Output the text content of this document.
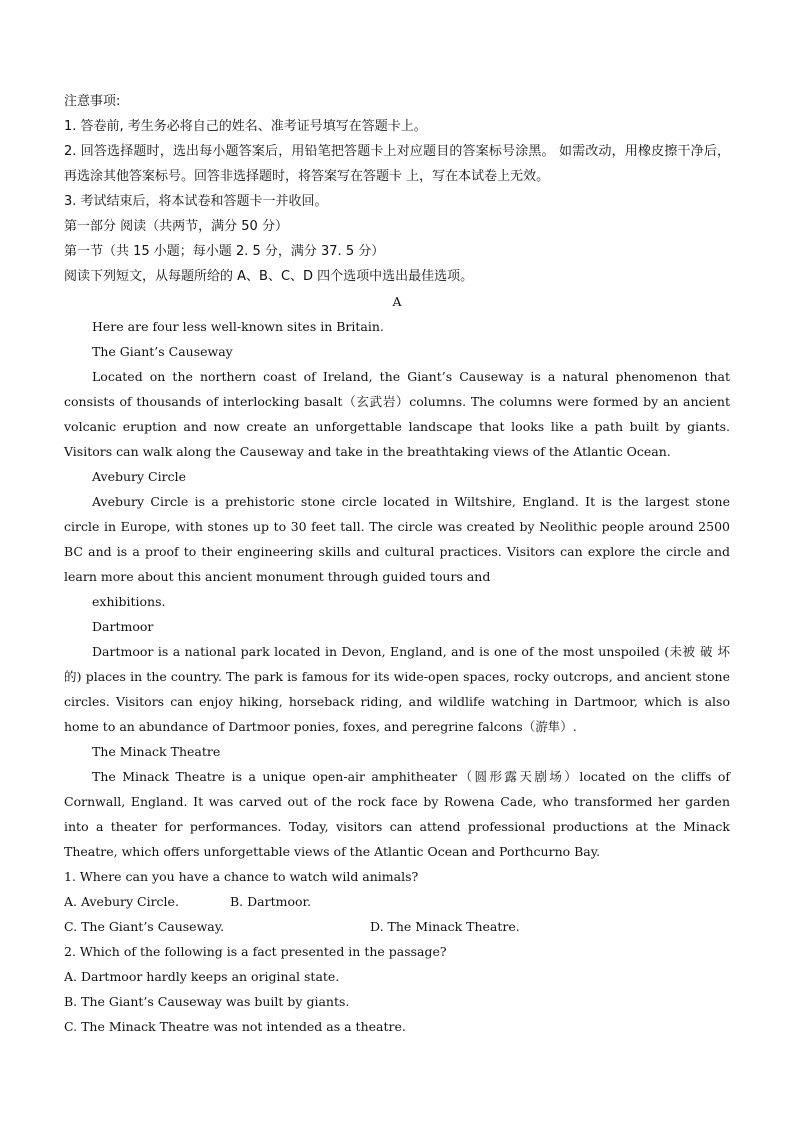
注意事项:

1. 答卷前, 考生务必将自己的姓名、准考证号填写在答题卡上。

2. 回答选择题时，选出每小题答案后，用铅笔把答题卡上对应题目的答案标号涂黑。 如需改动，用橡皮擦干净后，再选涂其他答案标号。回答非选择题时，将答案写在答题卡 上，写在本试卷上无效。

3. 考试结束后，将本试卷和答题卡一并收回。

第一部分 阅读（共两节，满分 50 分）

第一节（共 15 小题；每小题 2. 5 分，满分 37. 5 分）

阅读下列短文，从每题所给的 A、B、C、D 四个选项中选出最佳选项。

A

Here are four less well-known sites in Britain.

The Giant’s Causeway

Located on the northern coast of Ireland, the Giant’s Causeway is a natural phenomenon that consists of thousands of interlocking basalt（玄武岩）columns. The columns were formed by an ancient volcanic eruption and now create an unforgettable landscape that looks like a path built by giants. Visitors can walk along the Causeway and take in the breathtaking views of the Atlantic Ocean.

Avebury Circle

Avebury Circle is a prehistoric stone circle located in Wiltshire, England. It is the largest stone circle in Europe, with stones up to 30 feet tall. The circle was created by Neolithic people around 2500 BC and is a proof to their engineering skills and cultural practices. Visitors can explore the circle and learn more about this ancient monument through guided tours and

exhibitions.

Dartmoor

Dartmoor is a national park located in Devon, England, and is one of the most unspoiled (未被 破 坏 的) places in the country. The park is famous for its wide-open spaces, rocky outcrops, and ancient stone circles. Visitors can enjoy hiking, horseback riding, and wildlife watching in Dartmoor, which is also home to an abundance of Dartmoor ponies, foxes, and peregrine falcons（游隼）.

The Minack Theatre

The Minack Theatre is a unique open-air amphitheater（圆形露天剧场）located on the cliffs of Cornwall, England. It was carved out of the rock face by Rowena Cade, who transformed her garden into a theater for performances. Today, visitors can attend professional productions at the Minack Theatre, which offers unforgettable views of the Atlantic Ocean and Porthcurno Bay.

1. Where can you have a chance to watch wild animals?

A. Avebury Circle.	B. Dartmoor.
C. The Giant’s Causeway.	D. The Minack Theatre.

2. Which of the following is a fact presented in the passage?

A. Dartmoor hardly keeps an original state.

B. The Giant’s Causeway was built by giants.

C. The Minack Theatre was not intended as a theatre.
